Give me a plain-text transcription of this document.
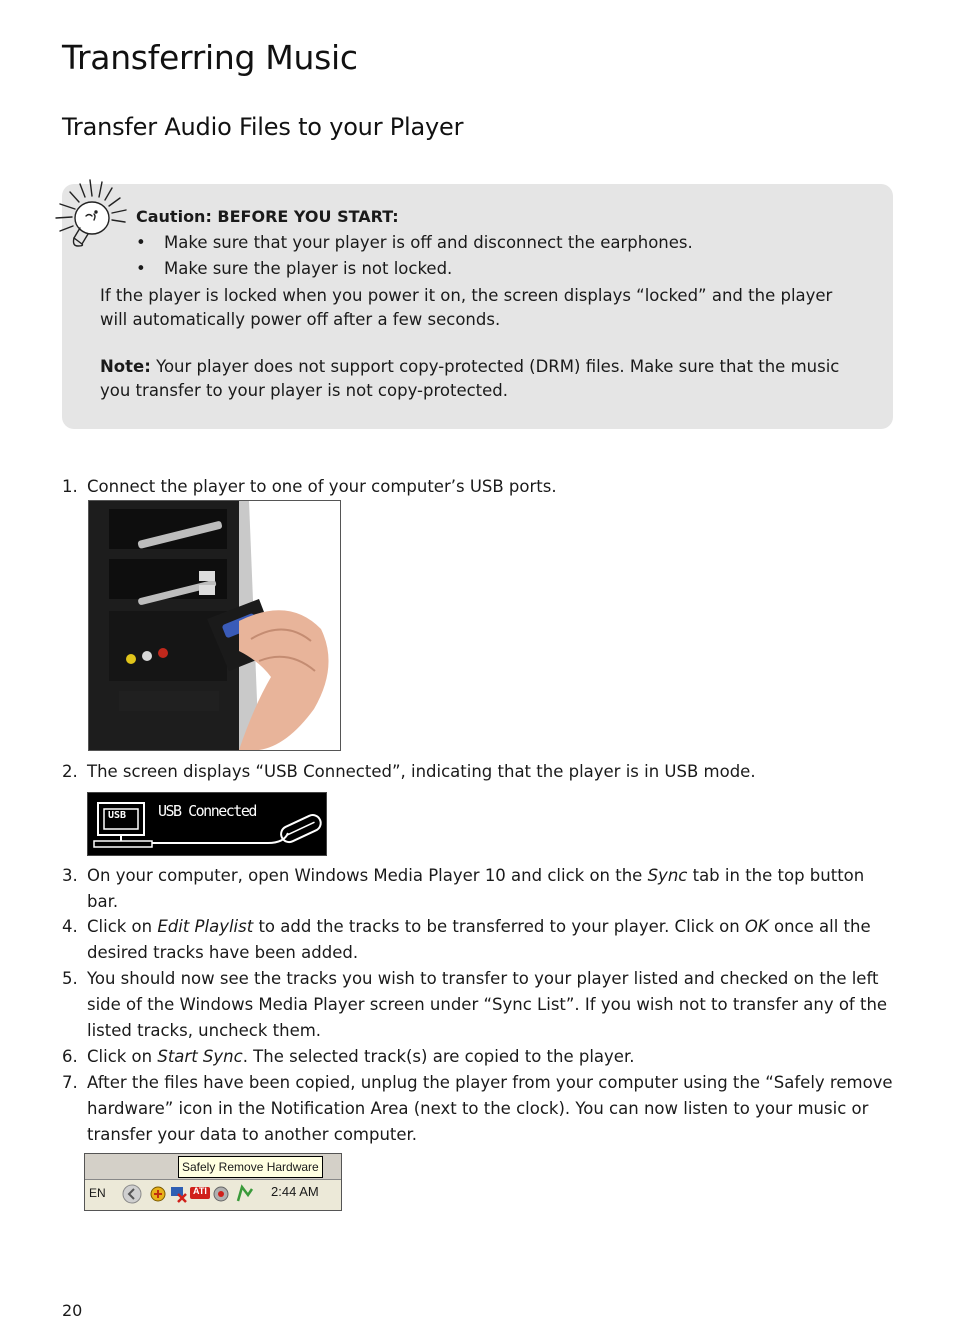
Transferring Music
Transfer Audio Files to your Player
Caution: BEFORE YOU START:
• Make sure that your player is off and disconnect the earphones.
• Make sure the player is not locked.
If the player is locked when you power it on, the screen displays “locked” and the player
will automatically power off after a few seconds.
Note: Your player does not support copy-protected (DRM) files. Make sure that the music
you transfer to your player is not copy-protected.
1. Connect the player to one of your computer’s USB ports.
2. The screen displays “USB Connected”, indicating that the player is in USB mode.
USB USB Connected
3. On your computer, open Windows Media Player 10 and click on the Sync tab in the top button bar.
4. Click on Edit Playlist to add the tracks to be transferred to your player. Click on OK once all the desired tracks have been added.
5. You should now see the tracks you wish to transfer to your player listed and checked on the left side of the Windows Media Player screen under “Sync List”. If you wish not to transfer any of the listed tracks, uncheck them.
6. Click on Start Sync. The selected track(s) are copied to the player.
7. After the files have been copied, unplug the player from your computer using the “Safely remove hardware” icon in the Notification Area (next to the clock). You can now listen to your music or transfer your data to another computer.
Safely Remove Hardware
EN	ATI	2:44 AM
20
